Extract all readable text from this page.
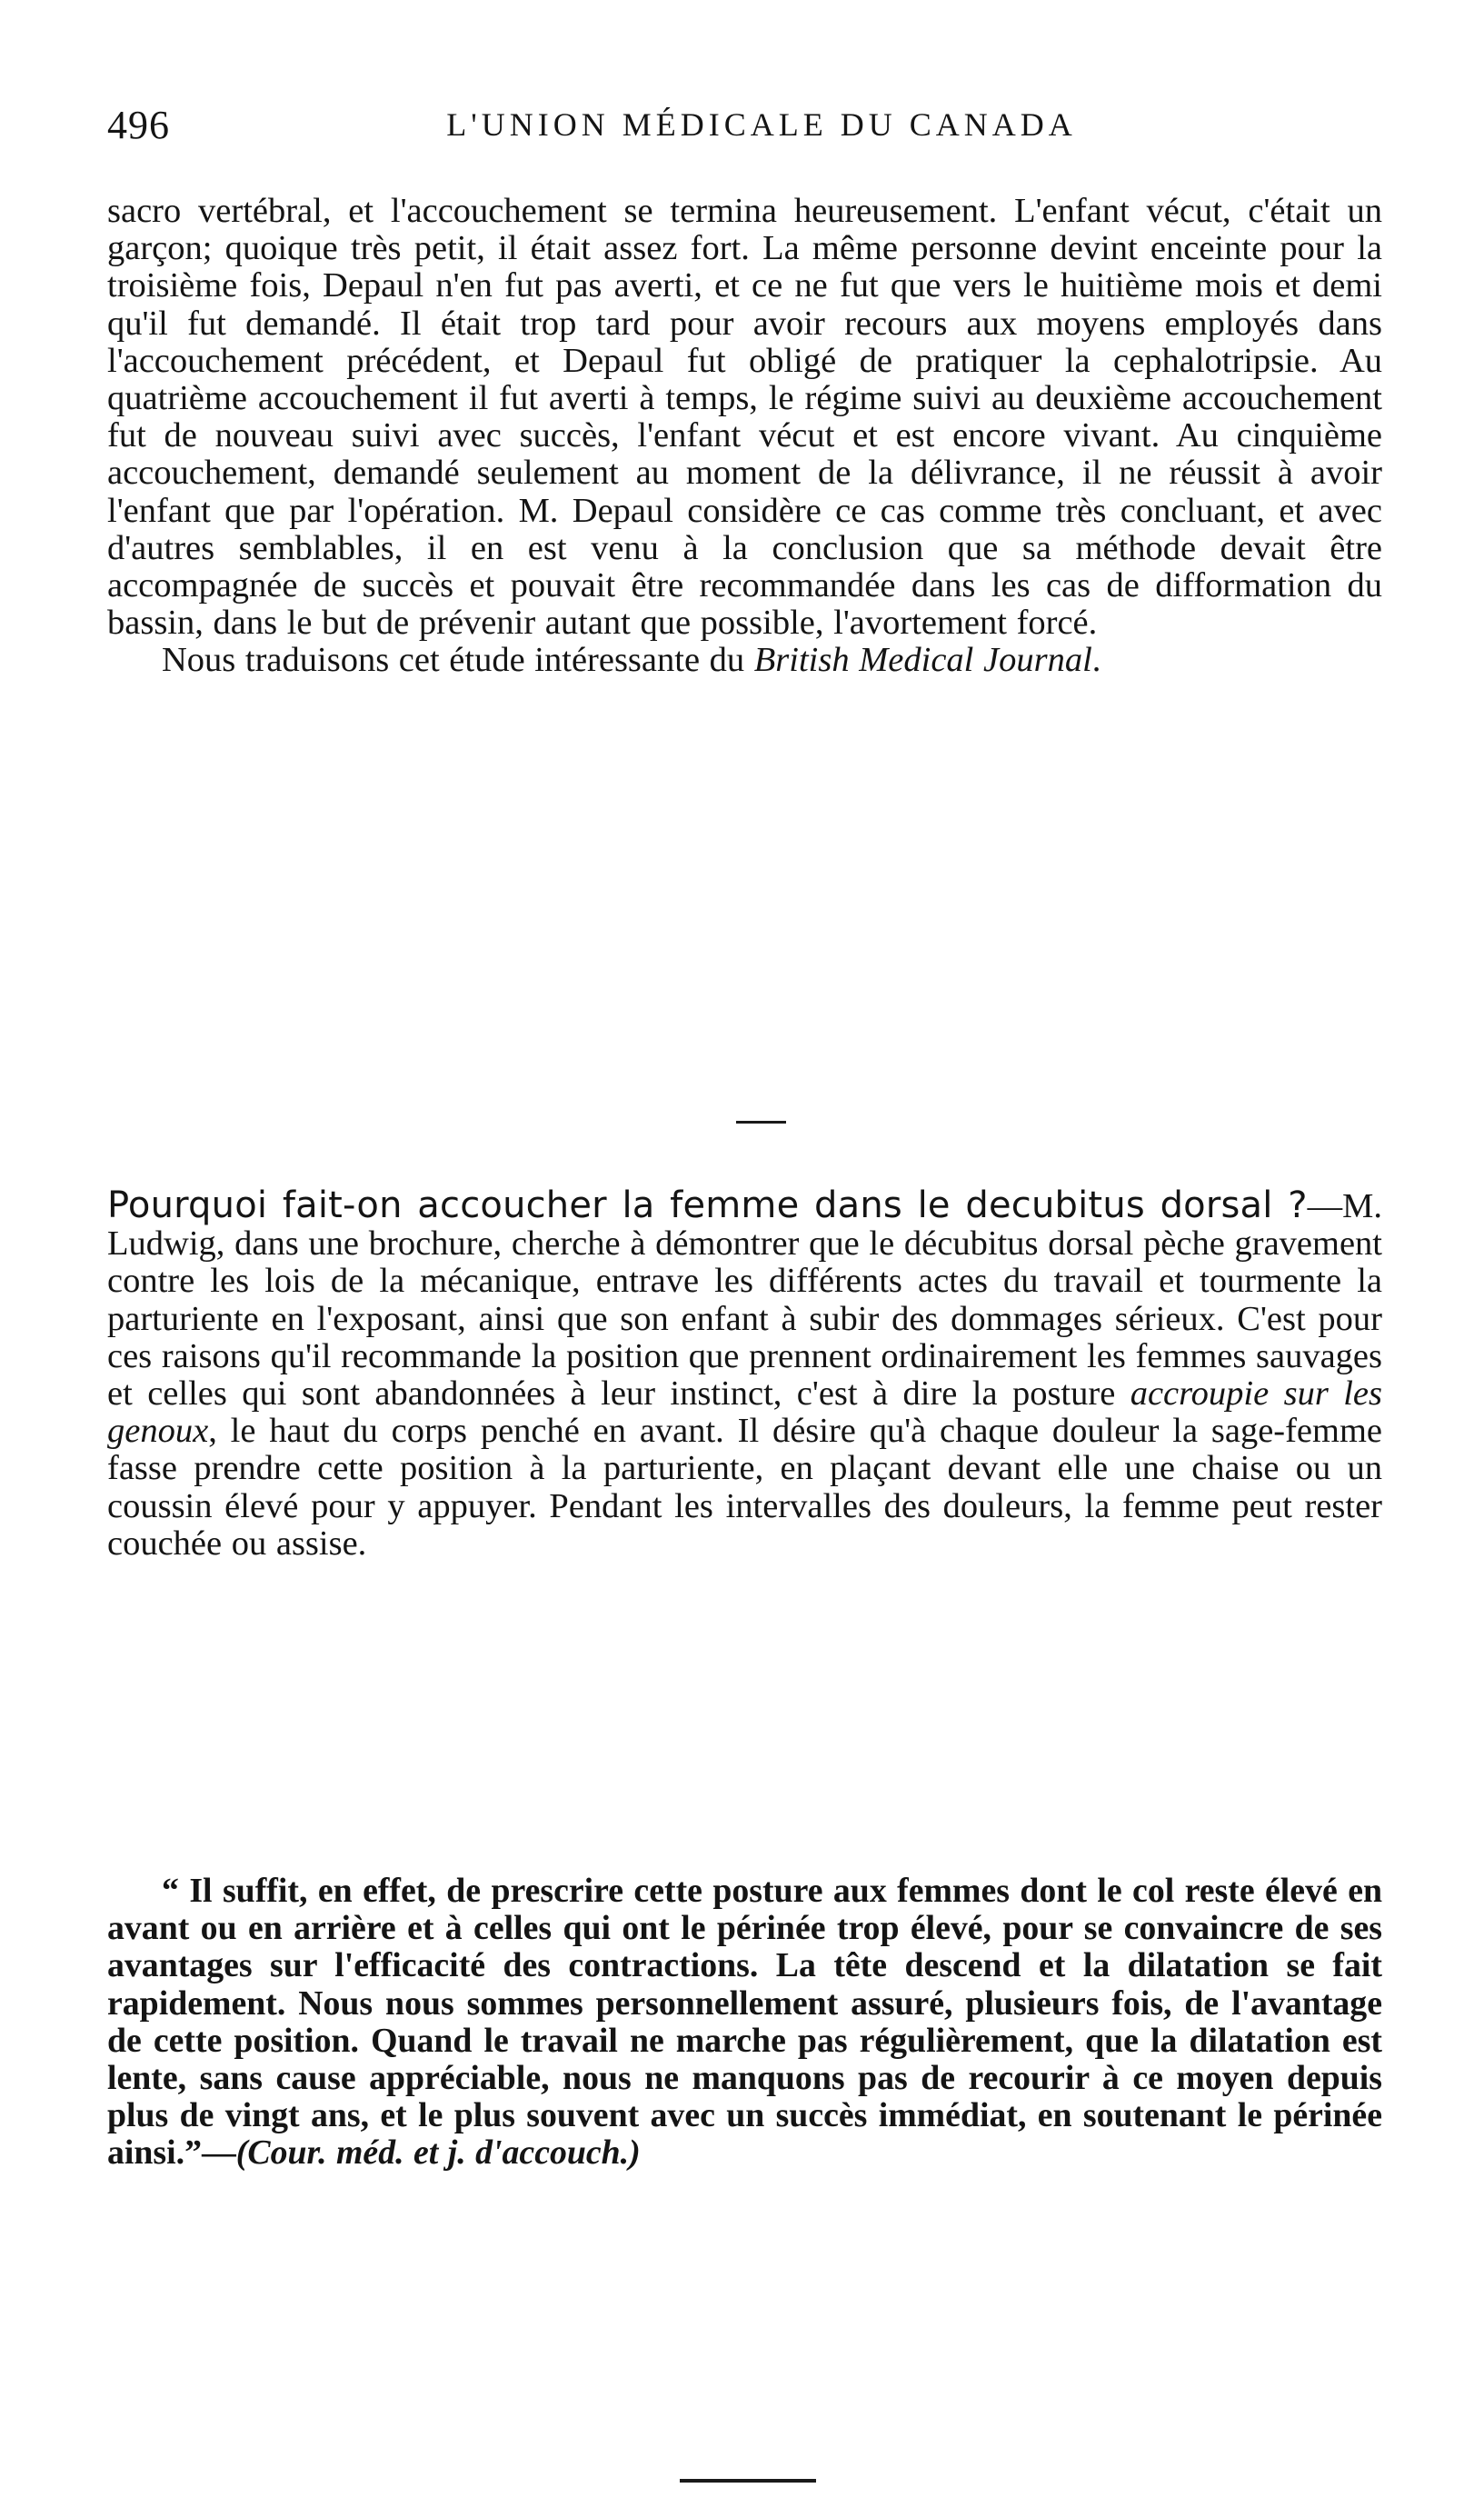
496	L'UNION MÉDICALE DU CANADA

sacro vertébral, et l'accouchement se termina heureusement. L'enfant vécut, c'était un garçon; quoique très petit, il était assez fort. La même personne devint enceinte pour la troisième fois, Depaul n'en fut pas averti, et ce ne fut que vers le huitième mois et demi qu'il fut demandé. Il était trop tard pour avoir recours aux moyens employés dans l'accouchement précédent, et Depaul fut obligé de pratiquer la cephalotripsie. Au quatrième accouchement il fut averti à temps, le régime suivi au deuxième accouchement fut de nouveau suivi avec succès, l'enfant vécut et est encore vivant. Au cinquième accouchement, demandé seulement au moment de la délivrance, il ne réussit à avoir l'enfant que par l'opération. M. Depaul considère ce cas comme très concluant, et avec d'autres semblables, il en est venu à la conclusion que sa méthode devait être accompagnée de succès et pouvait être recommandée dans les cas de difformation du bassin, dans le but de prévenir autant que possible, l'avortement forcé.

Nous traduisons cet étude intéressante du British Medical Journal.

Pourquoi fait-on accoucher la femme dans le decubitus dorsal ?—M. Ludwig, dans une brochure, cherche à démontrer que le décubitus dorsal pèche gravement contre les lois de la mécanique, entrave les différents actes du travail et tourmente la parturiente en l'exposant, ainsi que son enfant à subir des dommages sérieux. C'est pour ces raisons qu'il recommande la position que prennent ordinairement les femmes sauvages et celles qui sont abandonnées à leur instinct, c'est à dire la posture accroupie sur les genoux, le haut du corps penché en avant. Il désire qu'à chaque douleur la sage-femme fasse prendre cette position à la parturiente, en plaçant devant elle une chaise ou un coussin élevé pour y appuyer. Pendant les intervalles des douleurs, la femme peut rester couchée ou assise.

“ Il suffit, en effet, de prescrire cette posture aux femmes dont le col reste élevé en avant ou en arrière et à celles qui ont le périnée trop élevé, pour se convaincre de ses avantages sur l'efficacité des contractions. La tête descend et la dilatation se fait rapidement. Nous nous sommes personnellement assuré, plusieurs fois, de l'avantage de cette position. Quand le travail ne marche pas régulièrement, que la dilatation est lente, sans cause appréciable, nous ne manquons pas de recourir à ce moyen depuis plus de vingt ans, et le plus souvent avec un succès immédiat, en soutenant le périnée ainsi.”—(Cour. méd. et j. d'accouch.)
